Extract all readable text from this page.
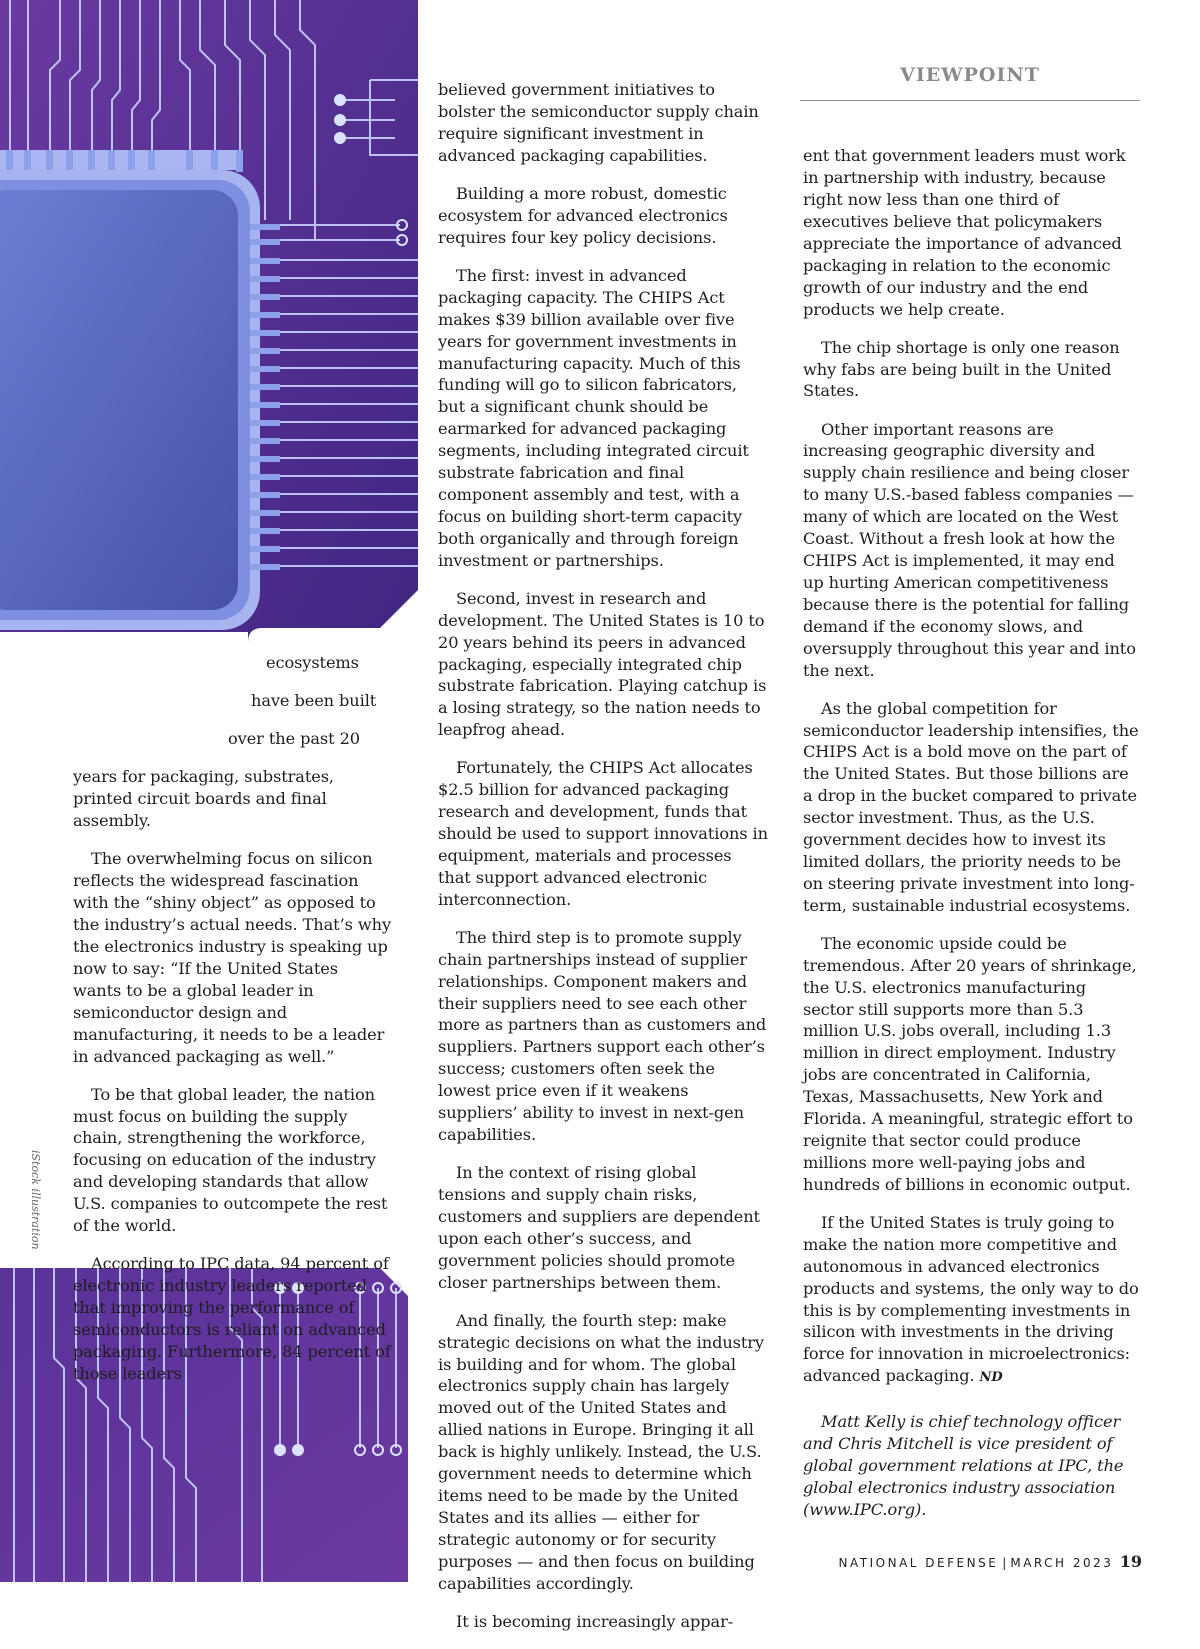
iStock illustration

ecosystems

have been built

over the past 20

years for packaging, substrates, printed circuit boards and final assembly.

The overwhelming focus on silicon reflects the widespread fascination with the “shiny object” as opposed to the industry’s actual needs. That’s why the electronics industry is speaking up now to say: “If the United States wants to be a global leader in semiconductor design and manufacturing, it needs to be a leader in advanced packaging as well.”

To be that global leader, the nation must focus on building the supply chain, strengthening the workforce, focusing on education of the industry and developing standards that allow U.S. companies to outcompete the rest of the world.

According to IPC data, 94 percent of electronic industry leaders reported that improving the performance of semiconductors is reliant on advanced packaging. Furthermore, 84 percent of those leaders

believed government initiatives to bolster the semiconductor supply chain require significant investment in advanced packaging capabilities.

Building a more robust, domestic ecosystem for advanced electronics requires four key policy decisions.

The first: invest in advanced packaging capacity. The CHIPS Act makes $39 billion available over five years for government investments in manufacturing capacity. Much of this funding will go to silicon fabricators, but a significant chunk should be earmarked for advanced packaging segments, including integrated circuit substrate fabrication and final component assembly and test, with a focus on building short-term capacity both organically and through foreign investment or partnerships.

Second, invest in research and development. The United States is 10 to 20 years behind its peers in advanced packaging, especially integrated chip substrate fabrication. Playing catchup is a losing strategy, so the nation needs to leapfrog ahead.

Fortunately, the CHIPS Act allocates $2.5 billion for advanced packaging research and development, funds that should be used to support innovations in equipment, materials and processes that support advanced electronic interconnection.

The third step is to promote supply chain partnerships instead of supplier relationships. Component makers and their suppliers need to see each other more as partners than as customers and suppliers. Partners support each other’s success; customers often seek the lowest price even if it weakens suppliers’ ability to invest in next-gen capabilities.

In the context of rising global tensions and supply chain risks, customers and suppliers are dependent upon each other’s success, and government policies should promote closer partnerships between them.

And finally, the fourth step: make strategic decisions on what the industry is building and for whom. The global electronics supply chain has largely moved out of the United States and allied nations in Europe. Bringing it all back is highly unlikely. Instead, the U.S. government needs to determine which items need to be made by the United States and its allies — either for strategic autonomy or for security purposes — and then focus on building capabilities accordingly.

It is becoming increasingly appar-

VIEWPOINT

ent that government leaders must work in partnership with industry, because right now less than one third of executives believe that policymakers appreciate the importance of advanced packaging in relation to the economic growth of our industry and the end products we help create.

The chip shortage is only one reason why fabs are being built in the United States.

Other important reasons are increasing geographic diversity and supply chain resilience and being closer to many U.S.-based fabless companies — many of which are located on the West Coast. Without a fresh look at how the CHIPS Act is implemented, it may end up hurting American competitiveness because there is the potential for falling demand if the economy slows, and oversupply throughout this year and into the next.

As the global competition for semiconductor leadership intensifies, the CHIPS Act is a bold move on the part of the United States. But those billions are a drop in the bucket compared to private sector investment. Thus, as the U.S. government decides how to invest its limited dollars, the priority needs to be on steering private investment into long-term, sustainable industrial ecosystems.

The economic upside could be tremendous. After 20 years of shrinkage, the U.S. electronics manufacturing sector still supports more than 5.3 million U.S. jobs overall, including 1.3 million in direct employment. Industry jobs are concentrated in California, Texas, Massachusetts, New York and Florida. A meaningful, strategic effort to reignite that sector could produce millions more well-paying jobs and hundreds of billions in economic output.

If the United States is truly going to make the nation more competitive and autonomous in advanced electronics products and systems, the only way to do this is by complementing investments in silicon with investments in the driving force for innovation in microelectronics: advanced packaging. ND

Matt Kelly is chief technology officer and Chris Mitchell is vice president of global government relations at IPC, the global electronics industry association (www.IPC.org).

NATIONAL DEFENSE | MARCH 2023 19
